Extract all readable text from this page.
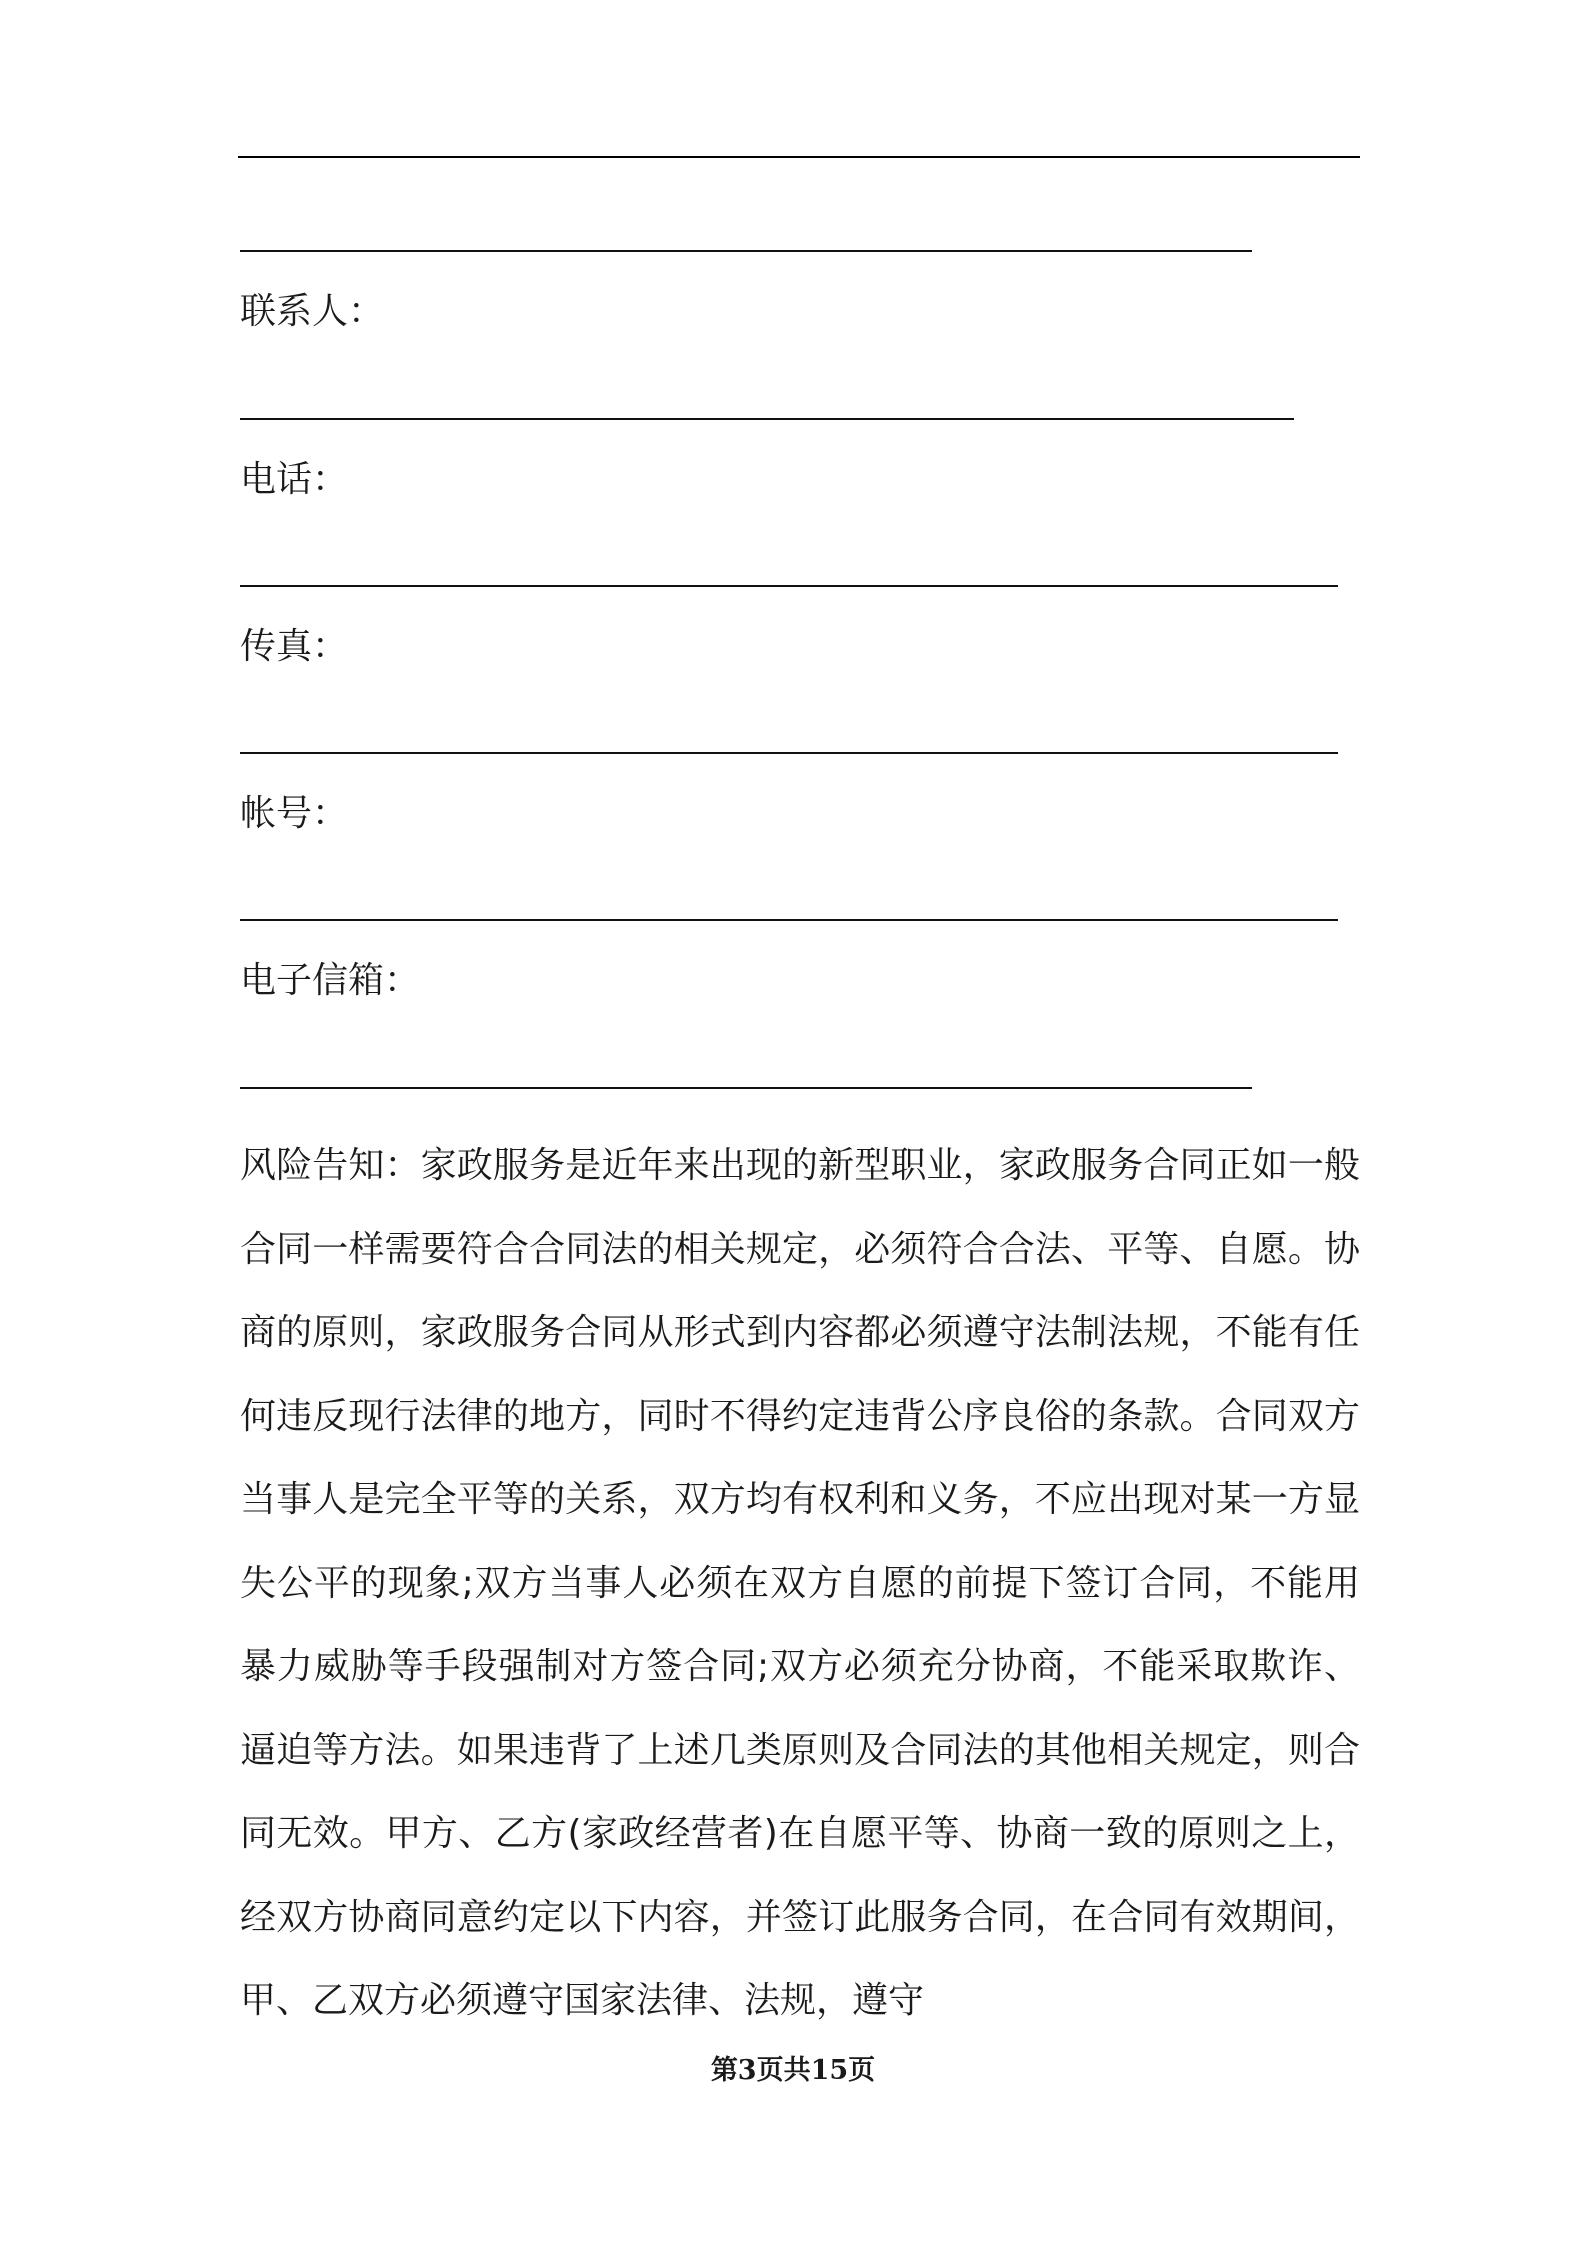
联系人：
电话：
传真：
帐号：
电子信箱：

风险告知：家政服务是近年来出现的新型职业，家政服务合同正如一般合同一样需要符合合同法的相关规定，必须符合合法、平等、自愿。协商的原则，家政服务合同从形式到内容都必须遵守法制法规，不能有任何违反现行法律的地方，同时不得约定违背公序良俗的条款。合同双方当事人是完全平等的关系，双方均有权利和义务，不应出现对某一方显失公平的现象;双方当事人必须在双方自愿的前提下签订合同，不能用暴力威胁等手段强制对方签合同;双方必须充分协商，不能采取欺诈、逼迫等方法。如果违背了上述几类原则及合同法的其他相关规定，则合同无效。甲方、乙方(家政经营者)在自愿平等、协商一致的原则之上，经双方协商同意约定以下内容，并签订此服务合同，在合同有效期间，甲、乙双方必须遵守国家法律、法规，遵守

第3页共15页
